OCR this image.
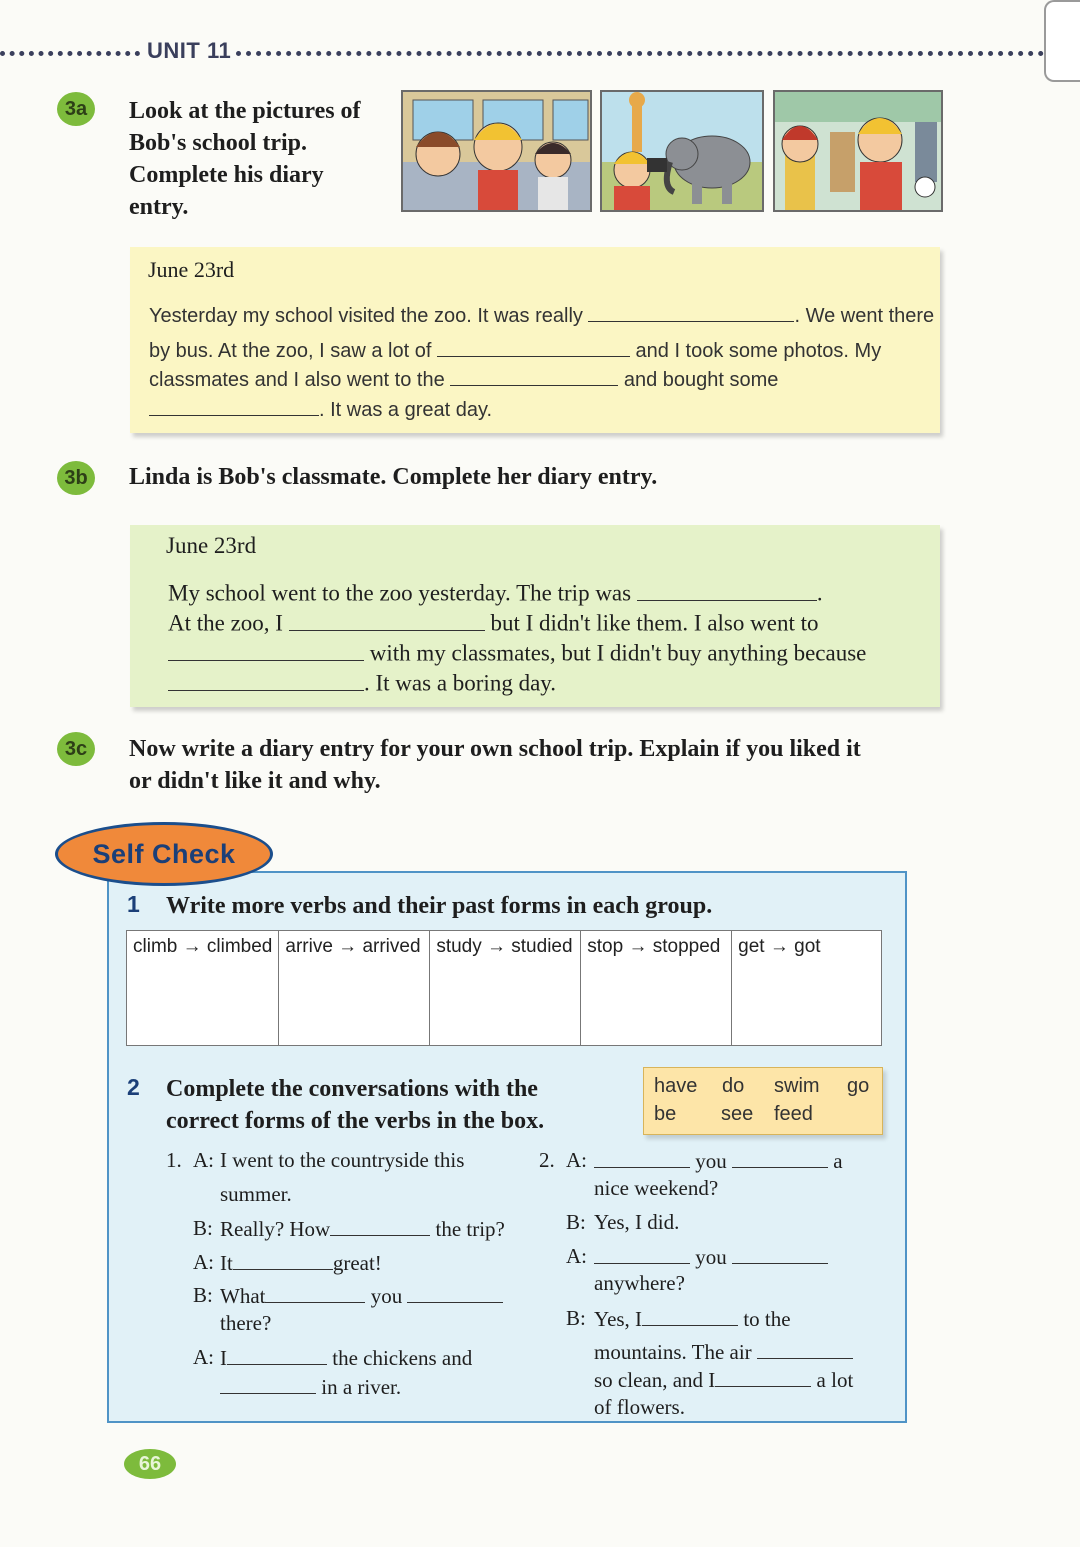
UNIT 11
3a	Look at the pictures of
Bob's school trip.
Complete his diary
entry.
June 23rd
Yesterday my school visited the zoo. It was really	. We went there
by bus. At the zoo, I saw a lot of	and I took some photos. My
classmates and I also went to the	and bought some
. It was a great day.
3b	Linda is Bob's classmate. Complete her diary entry.
June 23rd
My school went to the zoo yesterday. The trip was	.
At the zoo, I	but I didn't like them. I also went to
with my classmates, but I didn't buy anything because
. It was a boring day.
3c	Now write a diary entry for your own school trip. Explain if you liked it
or didn't like it and why.
Self Check
1 Write more verbs and their past forms in each group.
climb → climbed	arrive → arrived	study → studied	stop → stopped	get → got
2 Complete the conversations with the
correct forms of the verbs in the box.
have do swim go
be see feed
1. A: I went to the countryside this
summer.
B: Really? How	the trip?
A: It	great!
B: What	you
there?
A: I	the chickens and
in a river.
2. A:	you	a
nice weekend?
B: Yes, I did.
A:	you
anywhere?
B: Yes, I	to the
mountains. The air
so clean, and I	a lot
of flowers.
66
